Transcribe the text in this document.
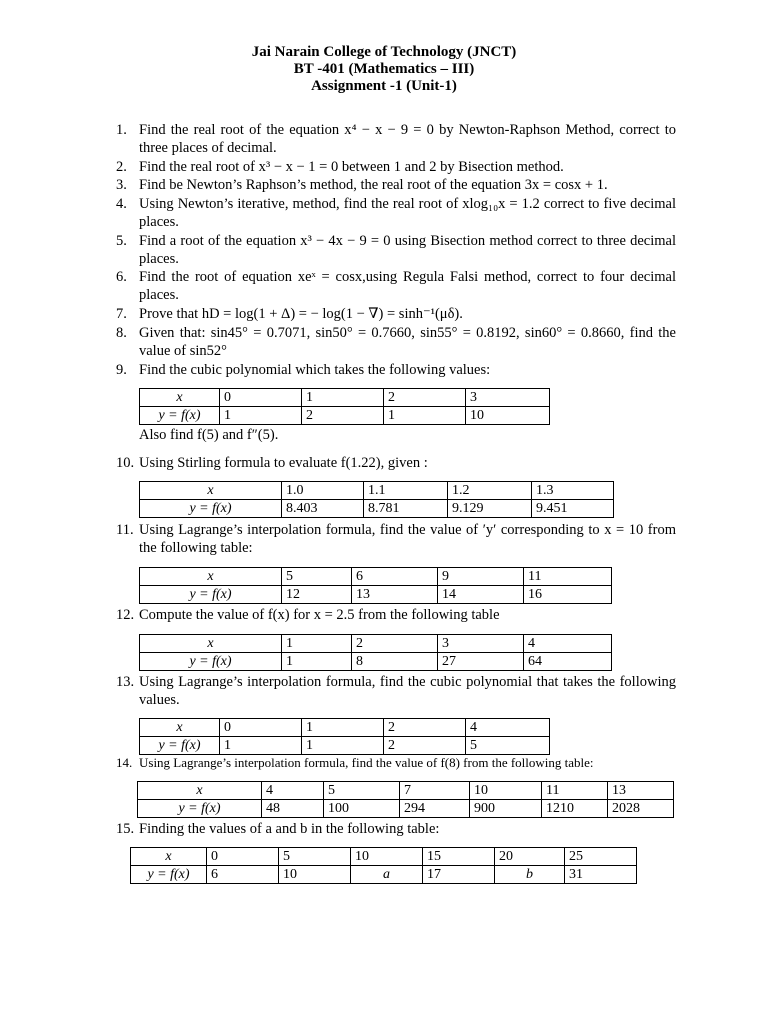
Jai Narain College of Technology (JNCT)
BT -401 (Mathematics – III)
Assignment -1 (Unit-1)
1. Find the real root of the equation x⁴ − x − 9 = 0 by Newton-Raphson Method, correct to three places of decimal.
2. Find the real root of x³ − x − 1 = 0 between 1 and 2 by Bisection method.
3. Find be Newton’s Raphson’s method, the real root of the equation 3x = cosx + 1.
4. Using Newton’s iterative, method, find the real root of xlog₁₀x = 1.2 correct to five decimal places.
5. Find a root of the equation x³ − 4x − 9 = 0 using Bisection method correct to three decimal places.
6. Find the root of equation xeˣ = cosx,using Regula Falsi method, correct to four decimal places.
7. Prove that hD = log(1 + Δ) = − log(1 − ∇) = sinh⁻¹(μδ).
8. Given that: sin45° = 0.7071, sin50° = 0.7660, sin55° = 0.8192, sin60° = 0.8660, find the value of sin52°
9. Find the cubic polynomial which takes the following values:
x	0	1	2	3
y = f(x)	1	2	1	10
Also find f(5) and f″(5).
10. Using Stirling formula to evaluate f(1.22), given :
x	1.0	1.1	1.2	1.3
y = f(x)	8.403	8.781	9.129	9.451
11. Using Lagrange’s interpolation formula, find the value of ′y′ corresponding to x = 10 from the following table:
x	5	6	9	11
y = f(x)	12	13	14	16
12. Compute the value of f(x) for x = 2.5 from the following table
x	1	2	3	4
y = f(x)	1	8	27	64
13. Using Lagrange’s interpolation formula, find the cubic polynomial that takes the following values.
x	0	1	2	4
y = f(x)	1	1	2	5
14. Using Lagrange’s interpolation formula, find the value of f(8) from the following table:
x	4	5	7	10	11	13
y = f(x)	48	100	294	900	1210	2028
15. Finding the values of a and b in the following table:
x	0	5	10	15	20	25
y = f(x)	6	10	a	17	b	31
